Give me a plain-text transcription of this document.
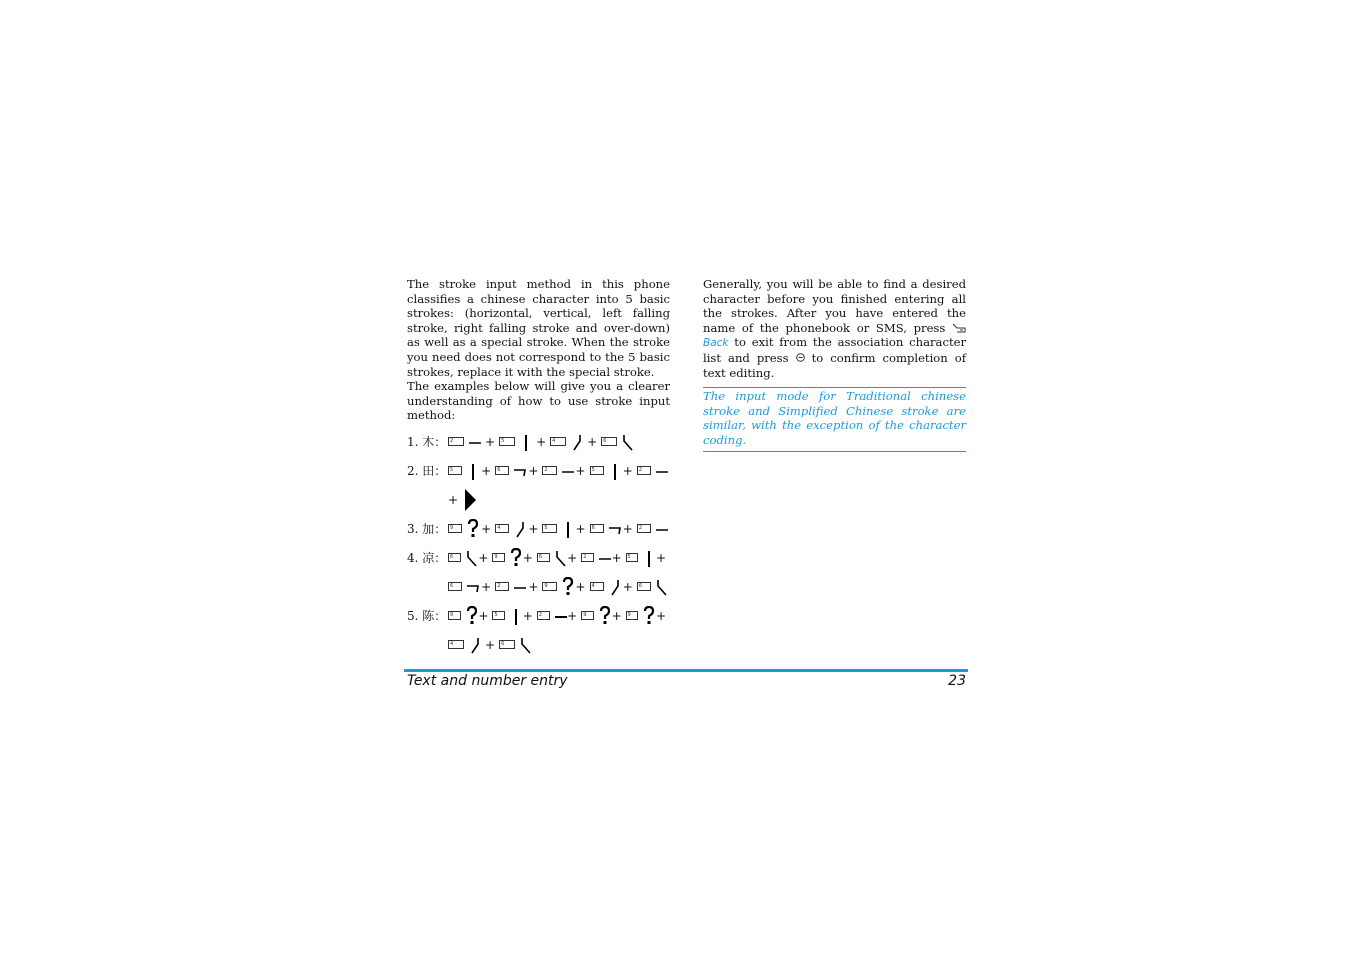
The stroke input method in this phone classifies a chinese character into 5 basic strokes: (horizontal, vertical, left falling stroke, right falling stroke and over-down) as well as a special stroke. When the stroke you need does not correspond to the 5 basic strokes, replace it with the special stroke.

The examples below will give you a clearer understanding of how to use stroke input method:

1. 木： 2	+	5	+	4	+	6
2. 田： 5	+	6	+	2	+	5	+	2
+
3. 加： 9	+	4	+	5	+	6	+	2
4. 凉： 6	+	9	+	6	+	2	+	5	+
6	+	2	+	9	+	4	+	6
5. 陈： 9	+	5	+	2	+	9	+	9	+
4	+	6

Generally, you will be able to find a desired character before you finished entering all the strokes. After you have entered the name of the phonebook or SMS, press  Back to exit from the association character list and press to confirm completion of text editing.

The input mode for Traditional chinese stroke and Simplified Chinese stroke are similar, with the exception of the character coding.
Text and number entry	23
